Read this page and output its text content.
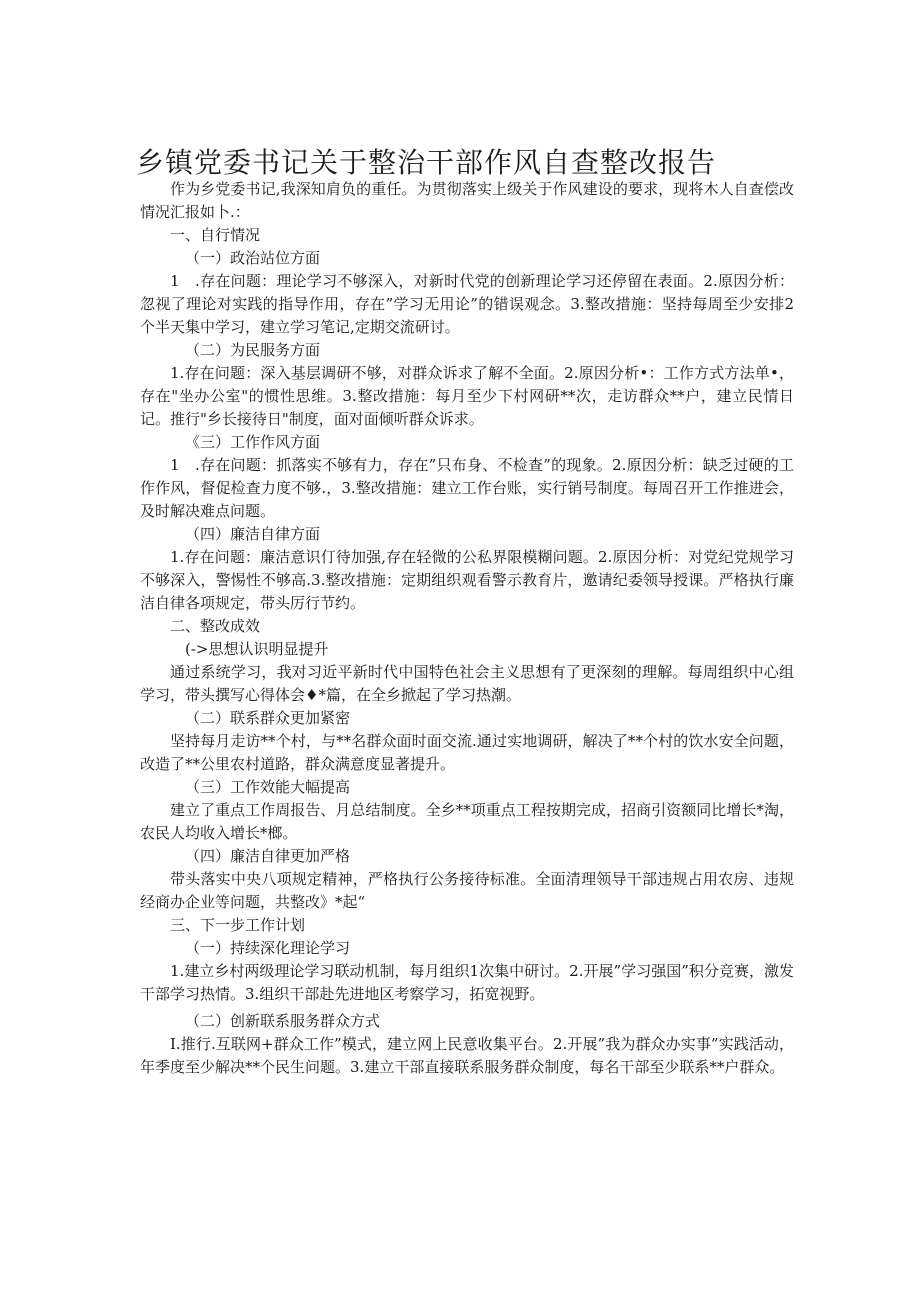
乡镇党委书记关于整治干部作风自查整改报告

作为乡党委书记,我深知肩负的重任。为贯彻落实上级关于作风建设的要求，现将木人自查偿改情况汇报如卜.：

一、自行情况

（一）政治站位方面

1　.存在问题：理论学习不够深入，对新时代党的创新理论学习还停留在表面。2.原因分析：忽视了理论对实践的指导作用，存在”学习无用论”的错误观念。3.整改措施：坚持每周至少安排2个半天集中学习，建立学习笔记,定期交流研讨。

（二）为民服务方面

1.存在问题：深入基层调研不够，对群众诉求了解不全面。2.原因分析•：工作方式方法单•，存在"坐办公室"的惯性思维。3.整改措施：每月至少下村网研**次，走访群众**户，建立民情日记。推行"乡长接待日"制度，面对面倾听群众诉求。

《三）工作作风方面

1　.存在问题：抓落实不够有力，存在”只布身、不检查”的现象。2.原因分析：缺乏过硬的工作作风，督促检查力度不够.，3.整改措施：建立工作台账，实行销号制度。每周召开工作推进会，及时解决难点问题。

（四）廉洁自律方面

1.存在问题：廉洁意识仃待加强,存在轻微的公私界限模糊问题。2.原因分析：对党纪党规学习不够深入，警惕性不够高.3.整改措施：定期组织观看警示教育片，邀请纪委领导授课。严格执行廉洁自律各项规定，带头厉行节约。

二、整改成效

(->思想认识明显提升

通过系统学习，我对习近平新时代中国特色社会主义思想有了更深刻的理解。每周组织中心组学习，带头撰写心得体会♦*篇，在全乡掀起了学习热潮。

（二）联系群众更加紧密

坚持每月走访**个村，与**名群众面时面交流.通过实地调研，解决了**个村的饮水安全问题，改造了**公里农村道路，群众满意度显著提升。

（三）工作效能大幅提高

建立了重点工作周报告、月总结制度。全乡**项重点工程按期完成，招商引资额同比增长*淘，农民人均收入增长*榔。

（四）廉洁自律更加严格

带头落实中央八项规定精神，严格执行公务接待标准。全面清理领导干部违规占用农房、违规经商办企业等问题，共整改》*起“

三、下一步工作计划

（一）持续深化理论学习

1.建立乡村两级理论学习联动机制，每月组织1次集中研讨。2.开展”学习强国”积分竞赛，激发干部学习热情。3.组织干部赴先进地区考察学习，拓宽视野。

（二）创新联系服务群众方式

I.推行.互联网+群众工作”模式，建立网上民意收集平台。2.开展”我为群众办实事”实践活动，年季度至少解决**个民生问题。3.建立干部直接联系服务群众制度，每名干部至少联系**户群众。
